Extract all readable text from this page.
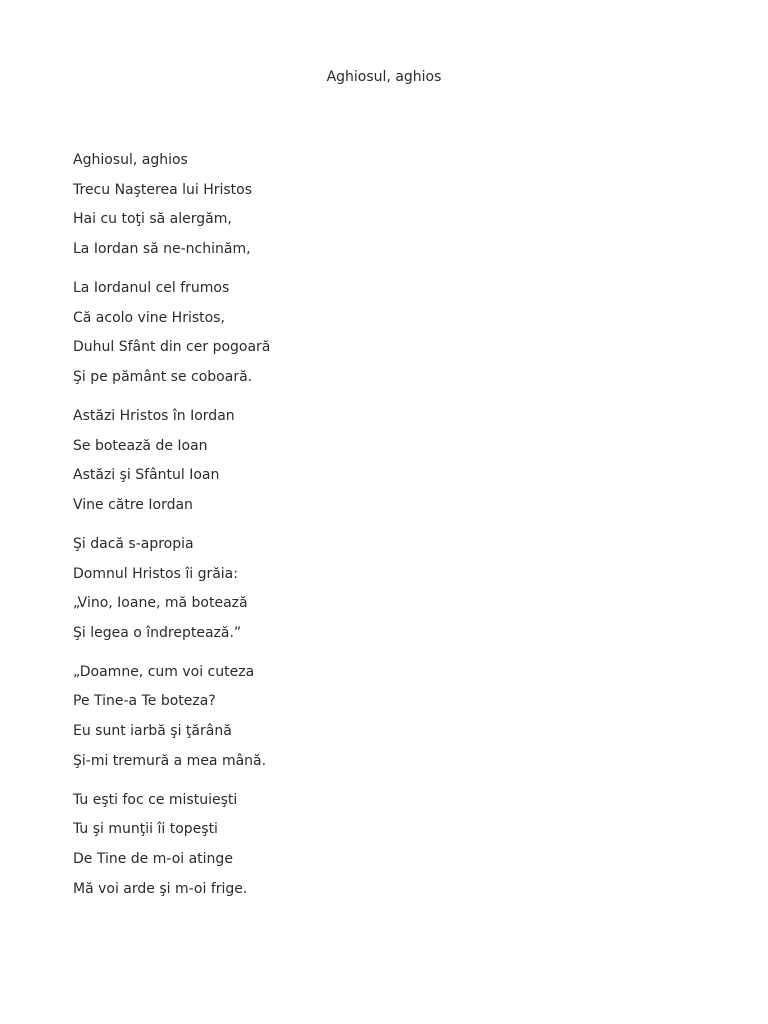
Aghiosul, aghios
Aghiosul, aghios
Trecu Naşterea lui Hristos
Hai cu toţi să alergăm,
La Iordan să ne-nchinăm,
La Iordanul cel frumos
Că acolo vine Hristos,
Duhul Sfânt din cer pogoară
Şi pe pământ se coboară.
Astăzi Hristos în Iordan
Se botează de Ioan
Astăzi şi Sfântul Ioan
Vine către Iordan
Şi dacă s-apropia
Domnul Hristos îi grăia:
„Vino, Ioane, mă botează
Şi legea o îndreptează.”
„Doamne, cum voi cuteza
Pe Tine-a Te boteza?
Eu sunt iarbă şi ţărână
Şi-mi tremură a mea mână.
Tu eşti foc ce mistuieşti
Tu şi munţii îi topeşti
De Tine de m-oi atinge
Mă voi arde şi m-oi frige.
